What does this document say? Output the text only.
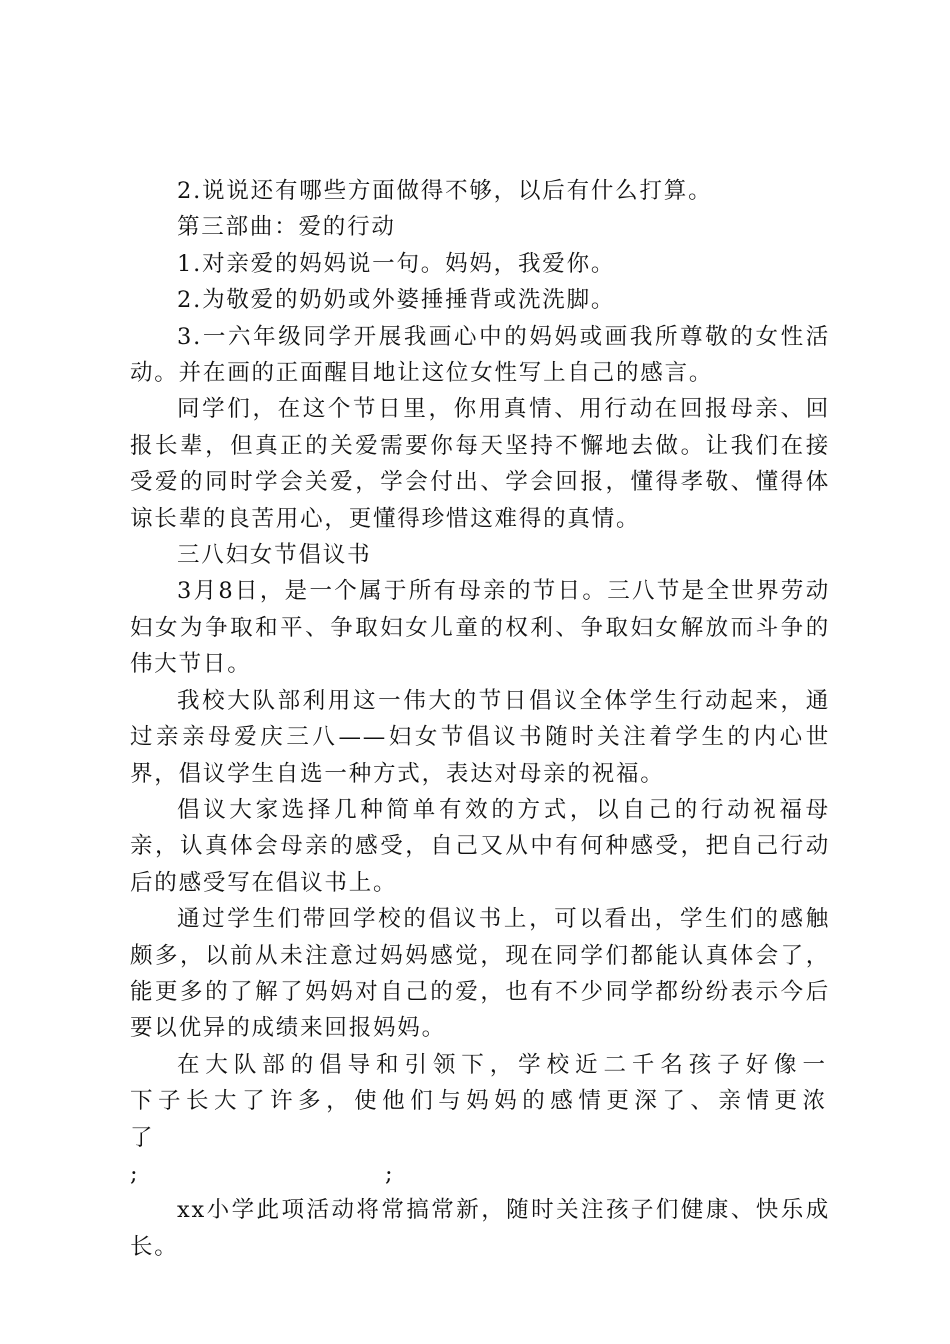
2.说说还有哪些方面做得不够，以后有什么打算。

第三部曲：爱的行动

1.对亲爱的妈妈说一句。妈妈，我爱你。

2.为敬爱的奶奶或外婆捶捶背或洗洗脚。

3.一六年级同学开展我画心中的妈妈或画我所尊敬的女性活动。并在画的正面醒目地让这位女性写上自己的感言。

同学们，在这个节日里，你用真情、用行动在回报母亲、回报长辈，但真正的关爱需要你每天坚持不懈地去做。让我们在接受爱的同时学会关爱，学会付出、学会回报，懂得孝敬、懂得体谅长辈的良苦用心，更懂得珍惜这难得的真情。

三八妇女节倡议书

3月8日，是一个属于所有母亲的节日。三八节是全世界劳动妇女为争取和平、争取妇女儿童的权利、争取妇女解放而斗争的伟大节日。

我校大队部利用这一伟大的节日倡议全体学生行动起来，通过亲亲母爱庆三八——妇女节倡议书随时关注着学生的内心世界，倡议学生自选一种方式，表达对母亲的祝福。

倡议大家选择几种简单有效的方式，以自己的行动祝福母亲，认真体会母亲的感受，自己又从中有何种感受，把自己行动后的感受写在倡议书上。

通过学生们带回学校的倡议书上，可以看出，学生们的感触颇多，以前从未注意过妈妈感觉，现在同学们都能认真体会了，能更多的了解了妈妈对自己的爱，也有不少同学都纷纷表示今后要以优异的成绩来回报妈妈。

在大队部的倡导和引领下，学校近二千名孩子好像一下子长大了许多，使他们与妈妈的感情更深了、亲情更浓了

;	;

xx小学此项活动将常搞常新，随时关注孩子们健康、快乐成长。
